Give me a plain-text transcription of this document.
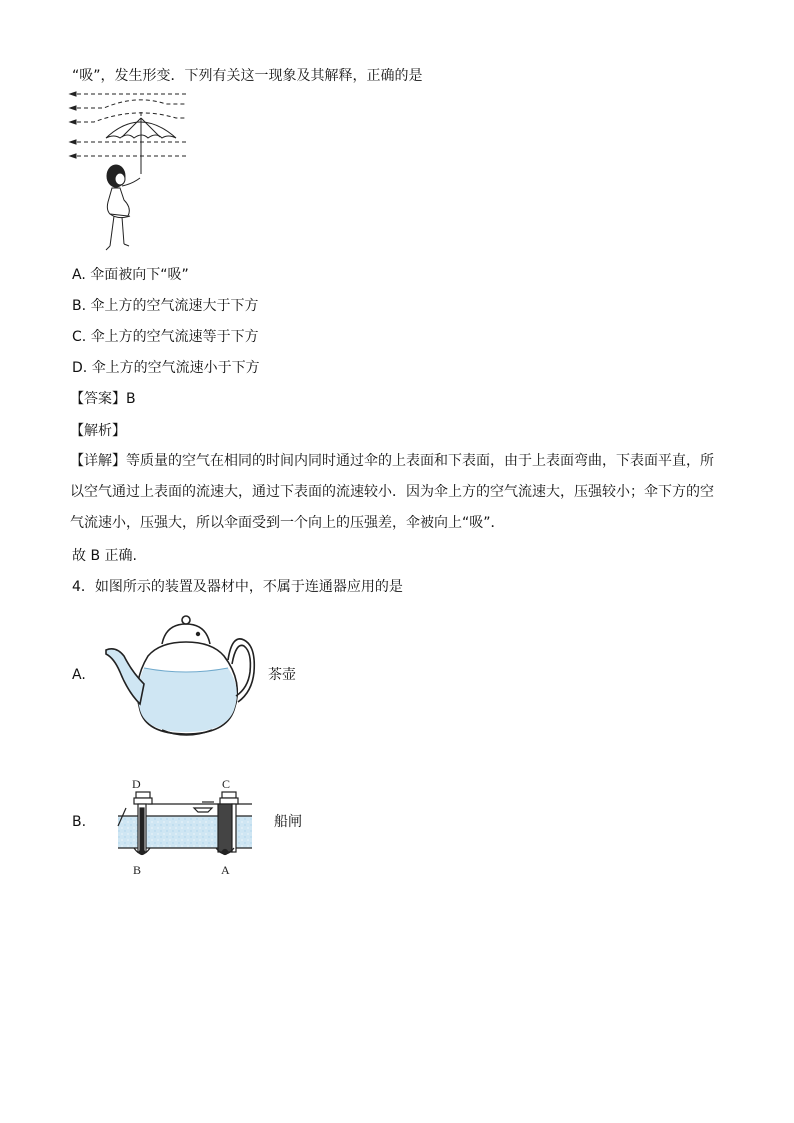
“吸”，发生形变．下列有关这一现象及其解释，正确的是
A. 伞面被向下“吸”
B. 伞上方的空气流速大于下方
C. 伞上方的空气流速等于下方
D. 伞上方的空气流速小于下方
【答案】B
【解析】
【详解】等质量的空气在相同的时间内同时通过伞的上表面和下表面，由于上表面弯曲，下表面平直，所以空气通过上表面的流速大，通过下表面的流速较小．因为伞上方的空气流速大，压强较小；伞下方的空气流速小，压强大，所以伞面受到一个向上的压强差，伞被向上“吸”．
故 B 正确.
4．如图所示的装置及器材中，不属于连通器应用的是
A.	茶壶
B.
D	C
B	A
船闸
